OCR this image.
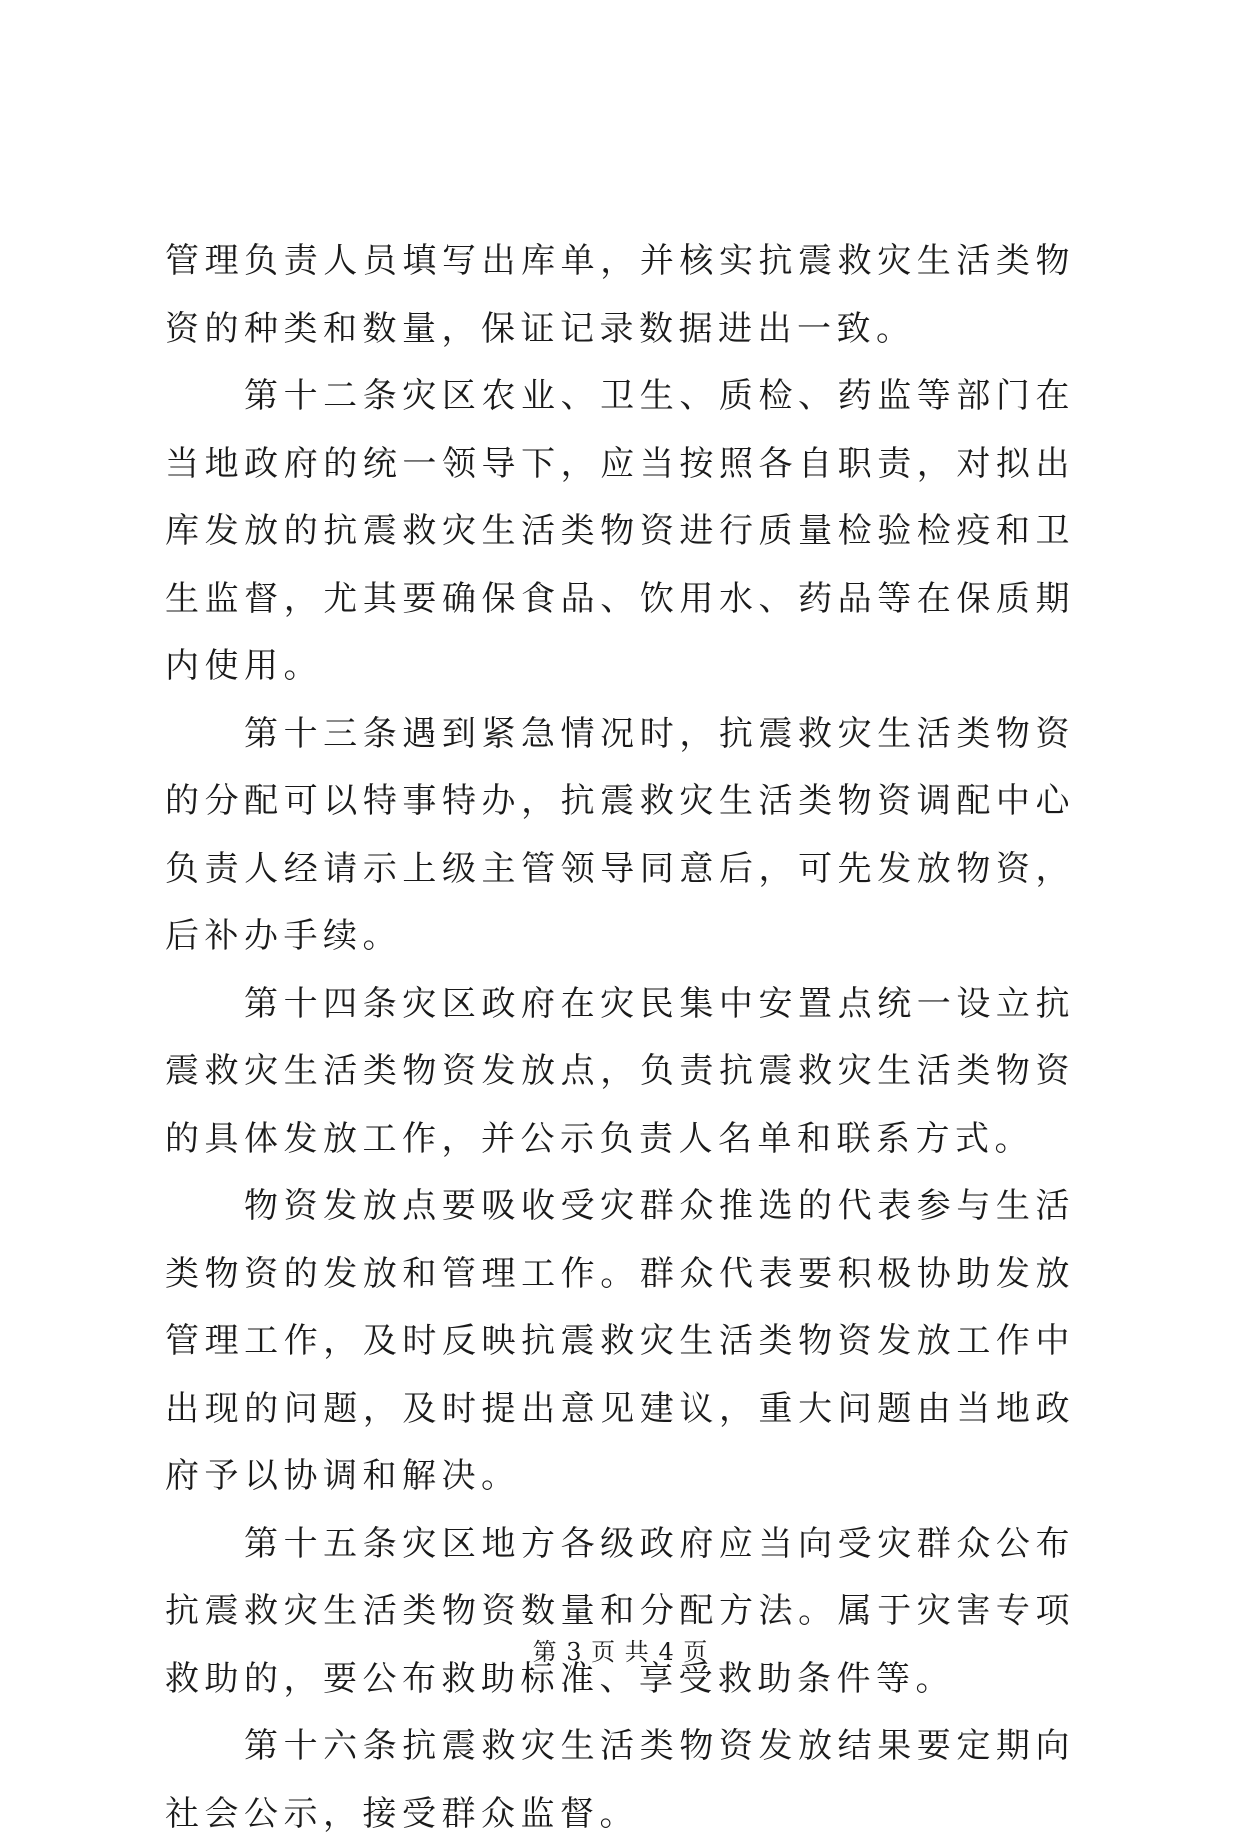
管理负责人员填写出库单，并核实抗震救灾生活类物资的种类和数量，保证记录数据进出一致。

第十二条灾区农业、卫生、质检、药监等部门在当地政府的统一领导下，应当按照各自职责，对拟出库发放的抗震救灾生活类物资进行质量检验检疫和卫生监督，尤其要确保食品、饮用水、药品等在保质期内使用。

第十三条遇到紧急情况时，抗震救灾生活类物资的分配可以特事特办，抗震救灾生活类物资调配中心负责人经请示上级主管领导同意后，可先发放物资，后补办手续。

第十四条灾区政府在灾民集中安置点统一设立抗震救灾生活类物资发放点，负责抗震救灾生活类物资的具体发放工作，并公示负责人名单和联系方式。

物资发放点要吸收受灾群众推选的代表参与生活类物资的发放和管理工作。群众代表要积极协助发放管理工作，及时反映抗震救灾生活类物资发放工作中出现的问题，及时提出意见建议，重大问题由当地政府予以协调和解决。

第十五条灾区地方各级政府应当向受灾群众公布抗震救灾生活类物资数量和分配方法。属于灾害专项救助的，要公布救助标准、享受救助条件等。

第十六条抗震救灾生活类物资发放结果要定期向社会公示，接受群众监督。

第 3 页 共 4 页
